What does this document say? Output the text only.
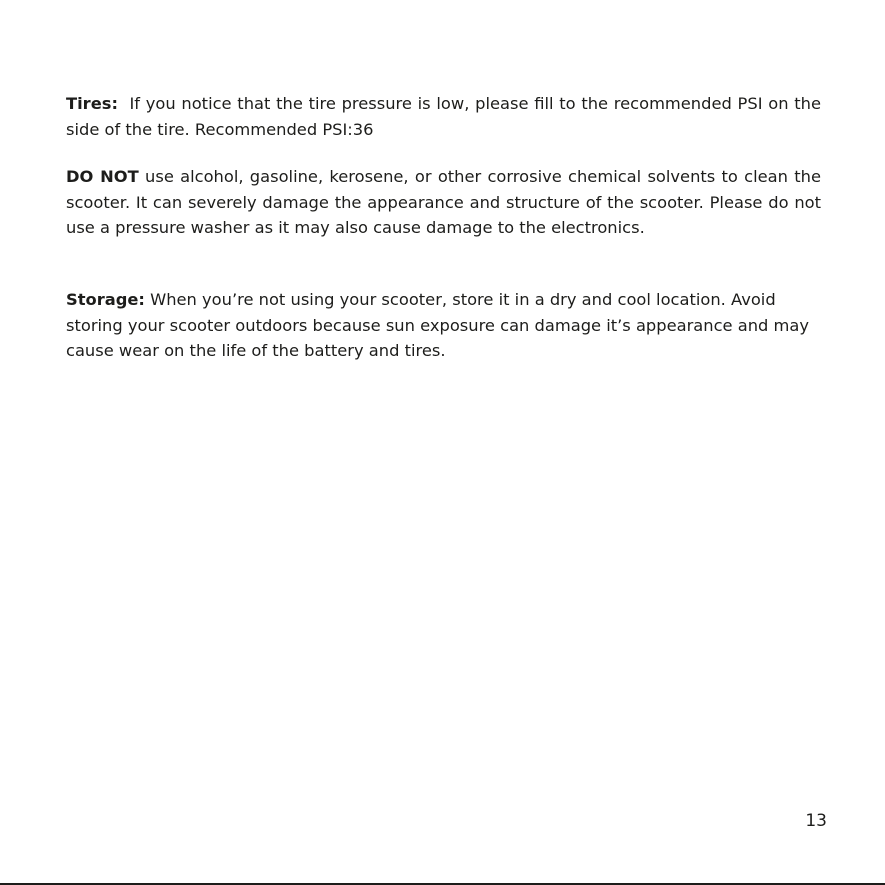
Tires: If you notice that the tire pressure is low, please fill to the recommended PSI on the side of the tire. Recommended PSI:36

DO NOT use alcohol, gasoline, kerosene, or other corrosive chemical solvents to clean the scooter. It can severely damage the appearance and structure of the scooter. Please do not use a pressure washer as it may also cause damage to the electronics.

Storage: When you’re not using your scooter, store it in a dry and cool location. Avoid storing your scooter outdoors because sun exposure can damage it’s appearance and may cause wear on the life of the battery and tires.

13
